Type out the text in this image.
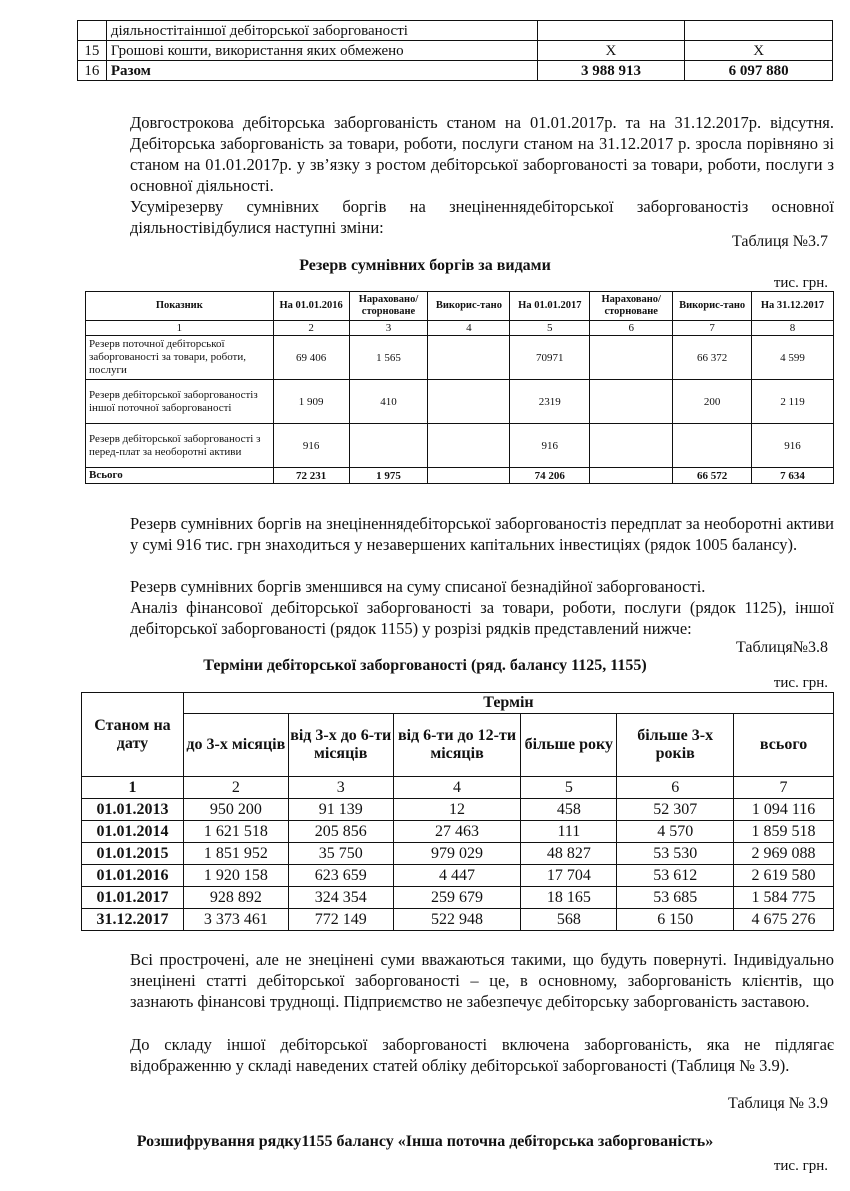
	діяльностітаіншої дебіторської заборгованості		
15	Грошові кошти, використання яких обмежено	Х	Х
16	Разом	3 988 913	6 097 880
Довгострокова дебіторська заборгованість станом на 01.01.2017р. та на 31.12.2017р. відсутня. Дебіторська заборгованість за товари, роботи, послуги станом на 31.12.2017 р. зросла порівняно зі станом на 01.01.2017р. у зв’язку з ростом дебіторської заборгованості за товари, роботи, послуги з основної діяльності.
Усумірезерву сумнівних боргів на знеціненнядебіторської заборгованостіз основної діяльностівідбулися наступні зміни:
Таблиця №3.7
Резерв сумнівних боргів за видами
тис. грн.
Показник	На 01.01.2016	Нараховано/ сторноване	Викорис-тано	На 01.01.2017	Нараховано/ сторноване	Викорис-тано	На 31.12.2017
1	2	3	4	5	6	7	8
Резерв поточної дебіторської заборгованості за товари, роботи, послуги	69 406	1 565		70971		66 372	4 599
Резерв дебіторської заборгованостіз іншої поточної заборгованості	1 909	410		2319		200	2 119
Резерв дебіторської заборгованості з перед-плат за необоротні активи	916			916			916
Всього	72 231	1 975		74 206		66 572	7 634
Резерв сумнівних боргів на знеціненнядебіторської заборгованостіз передплат за необоротні активи у сумі 916 тис. грн знаходиться у незавершених капітальних інвестиціях (рядок 1005 балансу).
Резерв сумнівних боргів зменшився на суму списаної безнадійної заборгованості.
Аналіз фінансової дебіторської заборгованості за товари, роботи, послуги (рядок 1125), іншої дебіторської заборгованості (рядок 1155) у розрізі рядків представлений нижче:
Таблиця№3.8
Терміни дебіторської заборгованості (ряд. балансу 1125, 1155)
тис. грн.
Станом на дату	Термін					
	до 3-х місяців	від 3-х до 6-ти місяців	від 6-ти до 12-ти місяців	більше року	більше 3-х років	всього
1	2	3	4	5	6	7
01.01.2013	950 200	91 139	12	458	52 307	1 094 116
01.01.2014	1 621 518	205 856	27 463	111	4 570	1 859 518
01.01.2015	1 851 952	35 750	979 029	48 827	53 530	2 969 088
01.01.2016	1 920 158	623 659	4 447	17 704	53 612	2 619 580
01.01.2017	928 892	324 354	259 679	18 165	53 685	1 584 775
31.12.2017	3 373 461	772 149	522 948	568	6 150	4 675 276
Всі прострочені, але не знецінені суми вважаються такими, що будуть повернуті. Індивідуально знецінені статті дебіторської заборгованості – це, в основному, заборгованість клієнтів, що зазнають фінансові труднощі. Підприємство не забезпечує дебіторську заборгованість заставою.
До складу іншої дебіторської заборгованості включена заборгованість, яка не підлягає відображенню у складі наведених статей обліку дебіторської заборгованості (Таблиця № 3.9).
Таблиця № 3.9
Розшифрування рядку1155 балансу «Інша поточна дебіторська заборгованість»
тис. грн.
